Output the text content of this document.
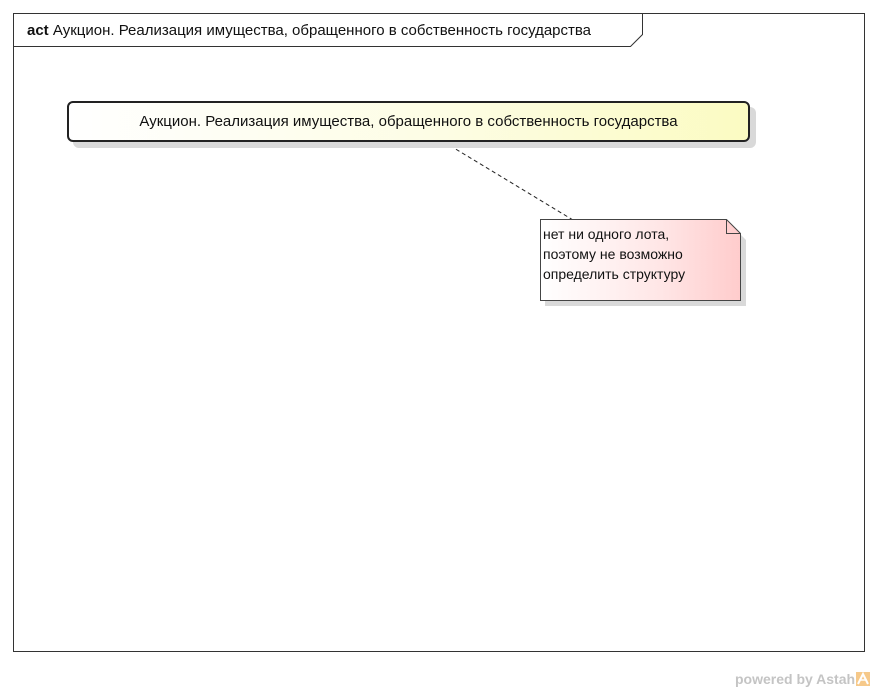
act Аукцион. Реализация имущества, обращенного в собственность государства
Аукцион. Реализация имущества, обращенного в собственность государства
нет ни одного лота,
поэтому не возможно
определить структуру
powered by Astah
